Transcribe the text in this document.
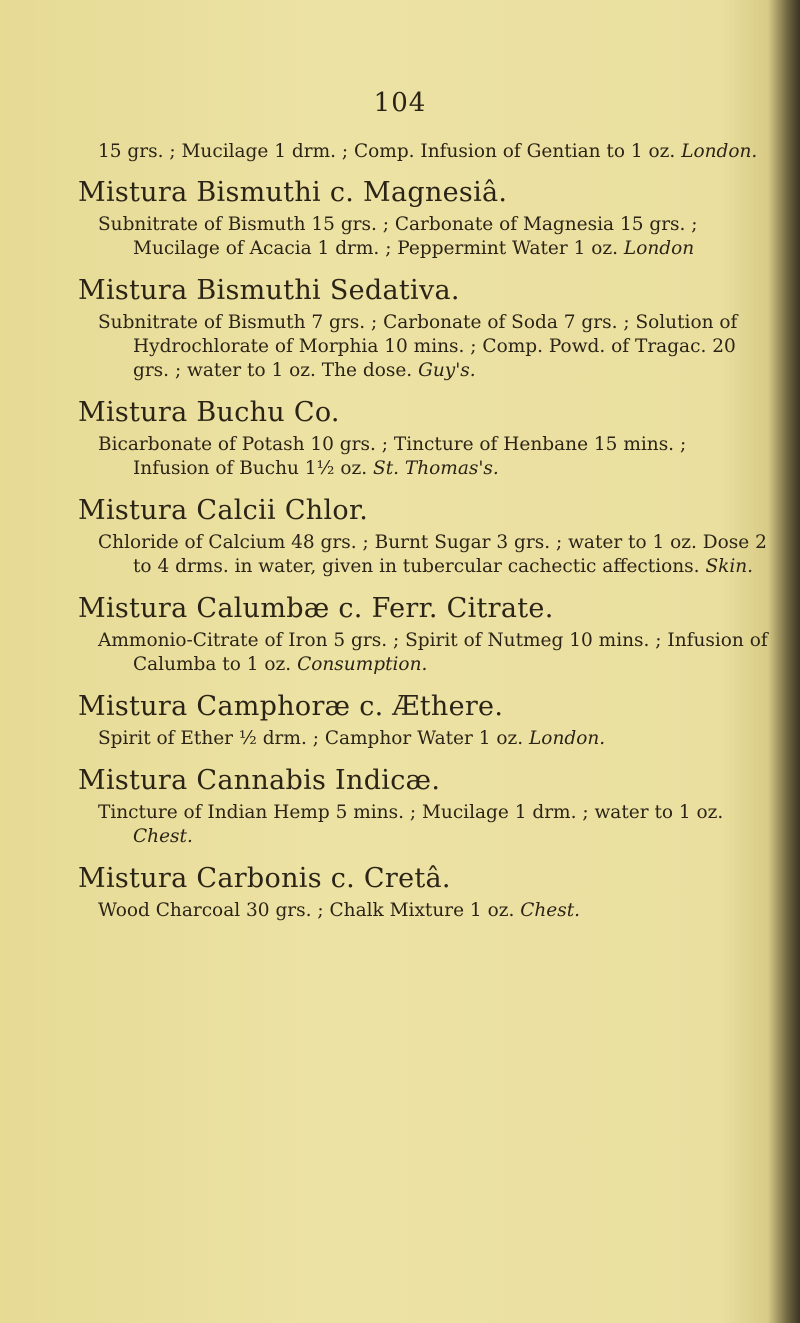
104

15 grs. ; Mucilage 1 drm. ; Comp. Infusion of Gentian to 1 oz. London.

Mistura Bismuthi c. Magnesiâ.

Subnitrate of Bismuth 15 grs. ; Carbonate of Magnesia 15 grs. ; Mucilage of Acacia 1 drm. ; Peppermint Water 1 oz. London

Mistura Bismuthi Sedativa.

Subnitrate of Bismuth 7 grs. ; Carbonate of Soda 7 grs. ; Solution of Hydrochlorate of Morphia 10 mins. ; Comp. Powd. of Tragac. 20 grs. ; water to 1 oz. The dose. Guy's.

Mistura Buchu Co.

Bicarbonate of Potash 10 grs. ; Tincture of Henbane 15 mins. ; Infusion of Buchu 1½ oz. St. Thomas's.

Mistura Calcii Chlor.

Chloride of Calcium 48 grs. ; Burnt Sugar 3 grs. ; water to 1 oz. Dose 2 to 4 drms. in water, given in tubercular cachectic affections. Skin.

Mistura Calumbæ c. Ferr. Citrate.

Ammonio-Citrate of Iron 5 grs. ; Spirit of Nutmeg 10 mins. ; Infusion of Calumba to 1 oz. Consumption.

Mistura Camphoræ c. Æthere.

Spirit of Ether ½ drm. ; Camphor Water 1 oz. London.

Mistura Cannabis Indicæ.

Tincture of Indian Hemp 5 mins. ; Mucilage 1 drm. ; water to 1 oz. Chest.

Mistura Carbonis c. Cretâ.

Wood Charcoal 30 grs. ; Chalk Mixture 1 oz. Chest.
